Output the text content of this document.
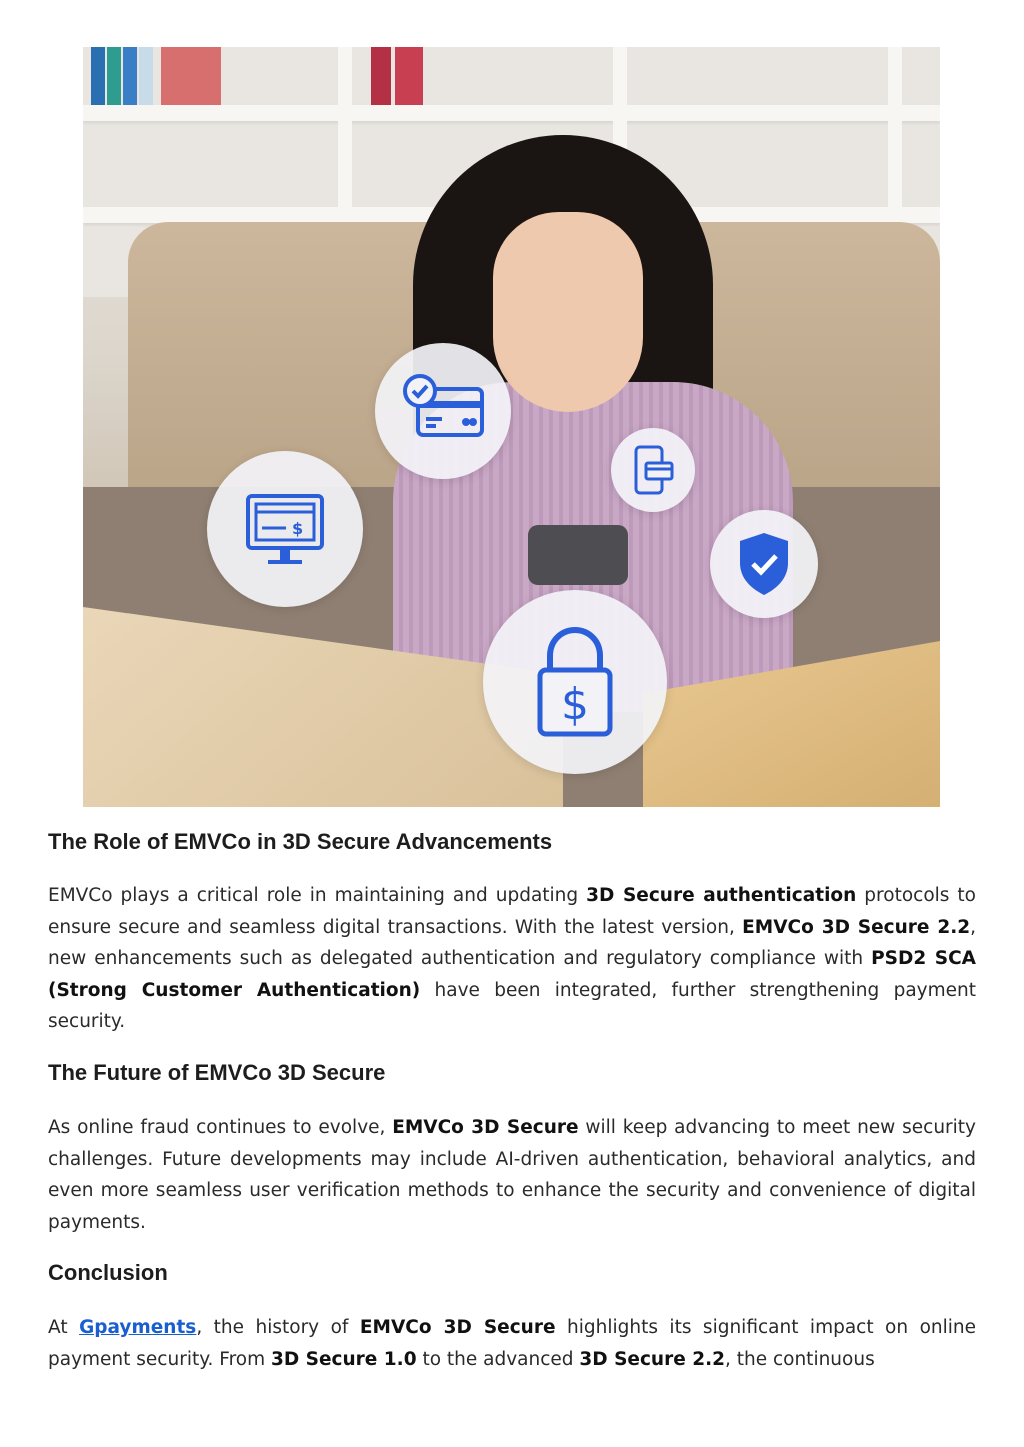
$
$
The Role of EMVCo in 3D Secure Advancements

EMVCo plays a critical role in maintaining and updating 3D Secure authentication protocols to ensure secure and seamless digital transactions. With the latest version, EMVCo 3D Secure 2.2, new enhancements such as delegated authentication and regulatory compliance with PSD2 SCA (Strong Customer Authentication) have been integrated, further strengthening payment security.

The Future of EMVCo 3D Secure

As online fraud continues to evolve, EMVCo 3D Secure will keep advancing to meet new security challenges. Future developments may include AI-driven authentication, behavioral analytics, and even more seamless user verification methods to enhance the security and convenience of digital payments.

Conclusion

At Gpayments, the history of EMVCo 3D Secure highlights its significant impact on online payment security. From 3D Secure 1.0 to the advanced 3D Secure 2.2, the continuous
